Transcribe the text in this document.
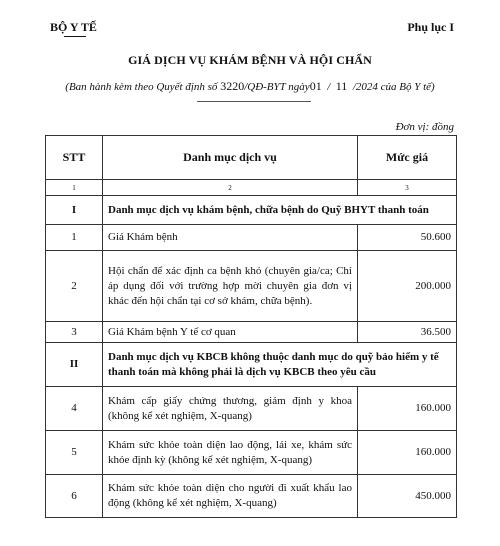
BỘ Y TẾ	Phụ lục I
GIÁ DỊCH VỤ KHÁM BỆNH VÀ HỘI CHẨN
(Ban hành kèm theo Quyết định số 3220/QĐ-BYT ngày01  /  11  /2024 của Bộ Y tế)
Đơn vị: đồng
STT	Danh mục dịch vụ	Mức giá
1	2	3
I	Danh mục dịch vụ khám bệnh, chữa bệnh do Quỹ BHYT thanh toán	
1	Giá Khám bệnh	50.600
2	Hội chẩn để xác định ca bệnh khó (chuyên gia/ca; Chỉ áp dụng đối với trường hợp mời chuyên gia đơn vị khác đến hội chẩn tại cơ sở khám, chữa bệnh).	200.000
3	Giá Khám bệnh Y tế cơ quan	36.500
II	Danh mục dịch vụ KBCB không thuộc danh mục do quỹ bảo hiểm y tế thanh toán mà không phải là dịch vụ KBCB theo yêu cầu	
4	Khám cấp giấy chứng thương, giám định y khoa (không kể xét nghiệm, X-quang)	160.000
5	Khám sức khỏe toàn diện lao động, lái xe, khám sức khỏe định kỳ (không kể xét nghiệm, X-quang)	160.000
6	Khám sức khỏe toàn diện cho người đi xuất khẩu lao động (không kể xét nghiệm, X-quang)	450.000
